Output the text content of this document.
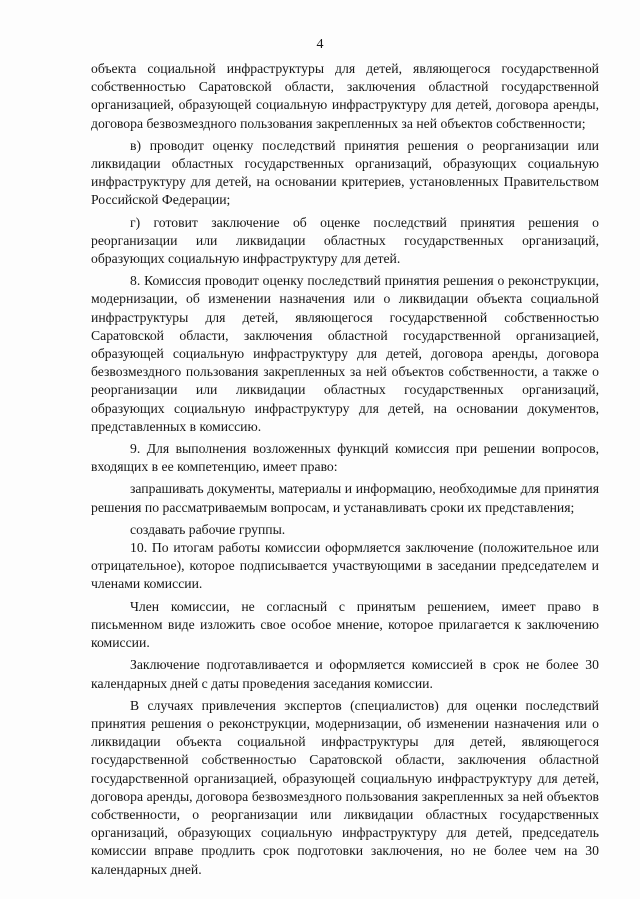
4

объекта социальной инфраструктуры для детей, являющегося государственной собственностью Саратовской области, заключения областной государственной организацией, образующей социальную инфраструктуру для детей, договора аренды, договора безвозмездного пользования закрепленных за ней объектов собственности;

в) проводит оценку последствий принятия решения о реорганизации или ликвидации областных государственных организаций, образующих социальную инфраструктуру для детей, на основании критериев, установленных Правительством Российской Федерации;

г) готовит заключение об оценке последствий принятия решения о реорганизации или ликвидации областных государственных организаций, образующих социальную инфраструктуру для детей.

8. Комиссия проводит оценку последствий принятия решения о реконструкции, модернизации, об изменении назначения или о ликвидации объекта социальной инфраструктуры для детей, являющегося государственной собственностью Саратовской области, заключения областной государственной организацией, образующей социальную инфраструктуру для детей, договора аренды, договора безвозмездного пользования закрепленных за ней объектов собственности, а также о реорганизации или ликвидации областных государственных организаций, образующих социальную инфраструктуру для детей, на основании документов, представленных в комиссию.

9. Для выполнения возложенных функций комиссия при решении вопросов, входящих в ее компетенцию, имеет право:

запрашивать документы, материалы и информацию, необходимые для принятия решения по рассматриваемым вопросам, и устанавливать сроки их представления;

создавать рабочие группы.

10. По итогам работы комиссии оформляется заключение (положительное или отрицательное), которое подписывается участвующими в заседании председателем и членами комиссии.

Член комиссии, не согласный с принятым решением, имеет право в письменном виде изложить свое особое мнение, которое прилагается к заключению комиссии.

Заключение подготавливается и оформляется комиссией в срок не более 30 календарных дней с даты проведения заседания комиссии.

В случаях привлечения экспертов (специалистов) для оценки последствий принятия решения о реконструкции, модернизации, об изменении назначения или о ликвидации объекта социальной инфраструктуры для детей, являющегося государственной собственностью Саратовской области, заключения областной государственной организацией, образующей социальную инфраструктуру для детей, договора аренды, договора безвозмездного пользования закрепленных за ней объектов собственности, о реорганизации или ликвидации областных государственных организаций, образующих социальную инфраструктуру для детей, председатель комиссии вправе продлить срок подготовки заключения, но не более чем на 30 календарных дней.
